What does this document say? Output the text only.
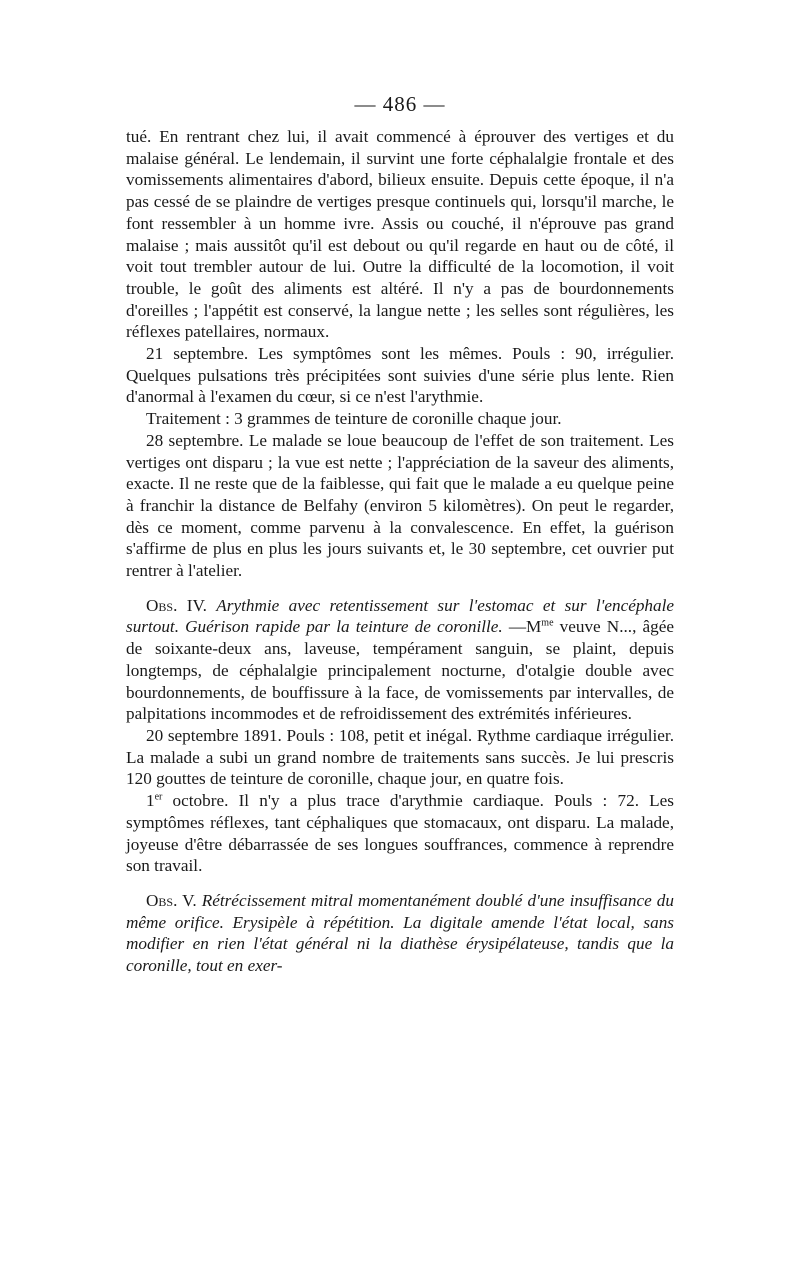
— 486 —

tué. En rentrant chez lui, il avait commencé à éprouver des vertiges et du malaise général. Le lendemain, il survint une forte céphalalgie frontale et des vomissements alimentaires d'abord, bilieux ensuite. Depuis cette époque, il n'a pas cessé de se plaindre de vertiges presque continuels qui, lorsqu'il marche, le font ressembler à un homme ivre. Assis ou couché, il n'éprouve pas grand malaise ; mais aussitôt qu'il est debout ou qu'il regarde en haut ou de côté, il voit tout trembler autour de lui. Outre la difficulté de la locomotion, il voit trouble, le goût des aliments est altéré. Il n'y a pas de bourdonnements d'oreilles ; l'appétit est conservé, la langue nette ; les selles sont régulières, les réflexes patellaires, normaux.

21 septembre. Les symptômes sont les mêmes. Pouls : 90, irrégulier. Quelques pulsations très précipitées sont suivies d'une série plus lente. Rien d'anormal à l'examen du cœur, si ce n'est l'arythmie.

Traitement : 3 grammes de teinture de coronille chaque jour.

28 septembre. Le malade se loue beaucoup de l'effet de son traitement. Les vertiges ont disparu ; la vue est nette ; l'appréciation de la saveur des aliments, exacte. Il ne reste que de la faiblesse, qui fait que le malade a eu quelque peine à franchir la distance de Belfahy (environ 5 kilomètres). On peut le regarder, dès ce moment, comme parvenu à la convalescence. En effet, la guérison s'affirme de plus en plus les jours suivants et, le 30 septembre, cet ouvrier put rentrer à l'atelier.

Obs. IV. Arythmie avec retentissement sur l'estomac et sur l'encéphale surtout. Guérison rapide par la teinture de coronille. $—M^{me}$ veuve N..., âgée de soixante-deux ans, laveuse, tempérament sanguin, se plaint, depuis longtemps, de céphalalgie principalement nocturne, d'otalgie double avec bourdonnements, de bouffissure à la face, de vomissements par intervalles, de palpitations incommodes et de refroidissement des extrémités inférieures.

20 septembre 1891. Pouls : 108, petit et inégal. Rythme cardiaque irrégulier. La malade a subi un grand nombre de traitements sans succès. Je lui prescris 120 gouttes de teinture de coronille, chaque jour, en quatre fois.

1er octobre. Il n'y a plus trace d'arythmie cardiaque. Pouls : 72. Les symptômes réflexes, tant céphaliques que stomacaux, ont disparu. La malade, joyeuse d'être débarrassée de ses longues souffrances, commence à reprendre son travail.

Obs. V. Rétrécissement mitral momentanément doublé d'une insuffisance du même orifice. Erysipèle à répétition. La digitale amende l'état local, sans modifier en rien l'état général ni la diathèse érysipélateuse, tandis que la coronille, tout en exer-
